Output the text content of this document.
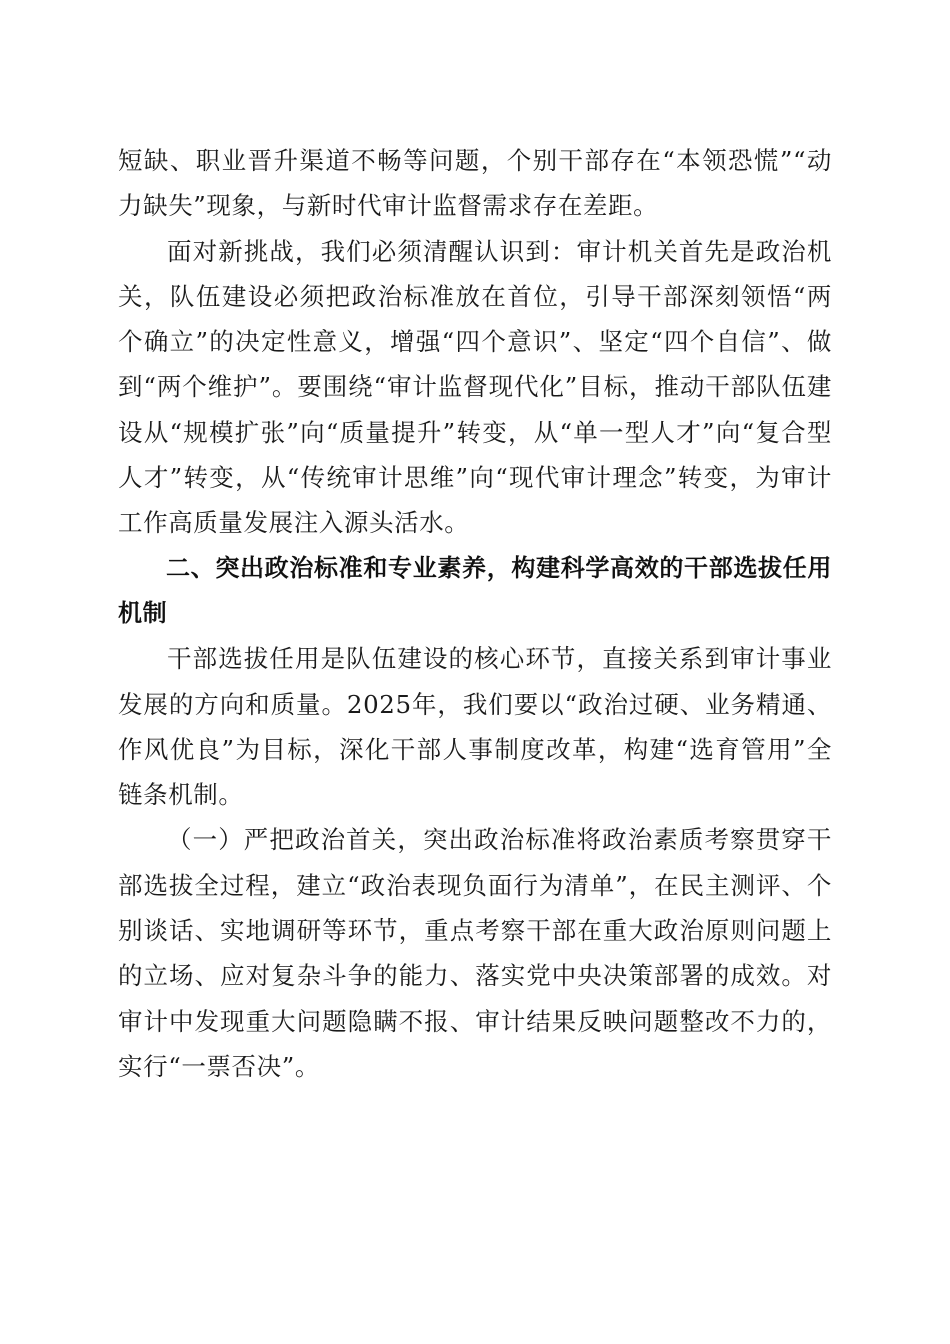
短缺、职业晋升渠道不畅等问题，个别干部存在“本领恐慌”“动力缺失”现象，与新时代审计监督需求存在差距。

面对新挑战，我们必须清醒认识到：审计机关首先是政治机关，队伍建设必须把政治标准放在首位，引导干部深刻领悟“两个确立”的决定性意义，增强“四个意识”、坚定“四个自信”、做到“两个维护”。要围绕“审计监督现代化”目标，推动干部队伍建设从“规模扩张”向“质量提升”转变，从“单一型人才”向“复合型人才”转变，从“传统审计思维”向“现代审计理念”转变，为审计工作高质量发展注入源头活水。

二、突出政治标准和专业素养，构建科学高效的干部选拔任用机制

干部选拔任用是队伍建设的核心环节，直接关系到审计事业发展的方向和质量。2025年，我们要以“政治过硬、业务精通、作风优良”为目标，深化干部人事制度改革，构建“选育管用”全链条机制。

（一）严把政治首关，突出政治标准将政治素质考察贯穿干部选拔全过程，建立“政治表现负面行为清单”，在民主测评、个别谈话、实地调研等环节，重点考察干部在重大政治原则问题上的立场、应对复杂斗争的能力、落实党中央决策部署的成效。对审计中发现重大问题隐瞒不报、审计结果反映问题整改不力的，实行“一票否决”。
